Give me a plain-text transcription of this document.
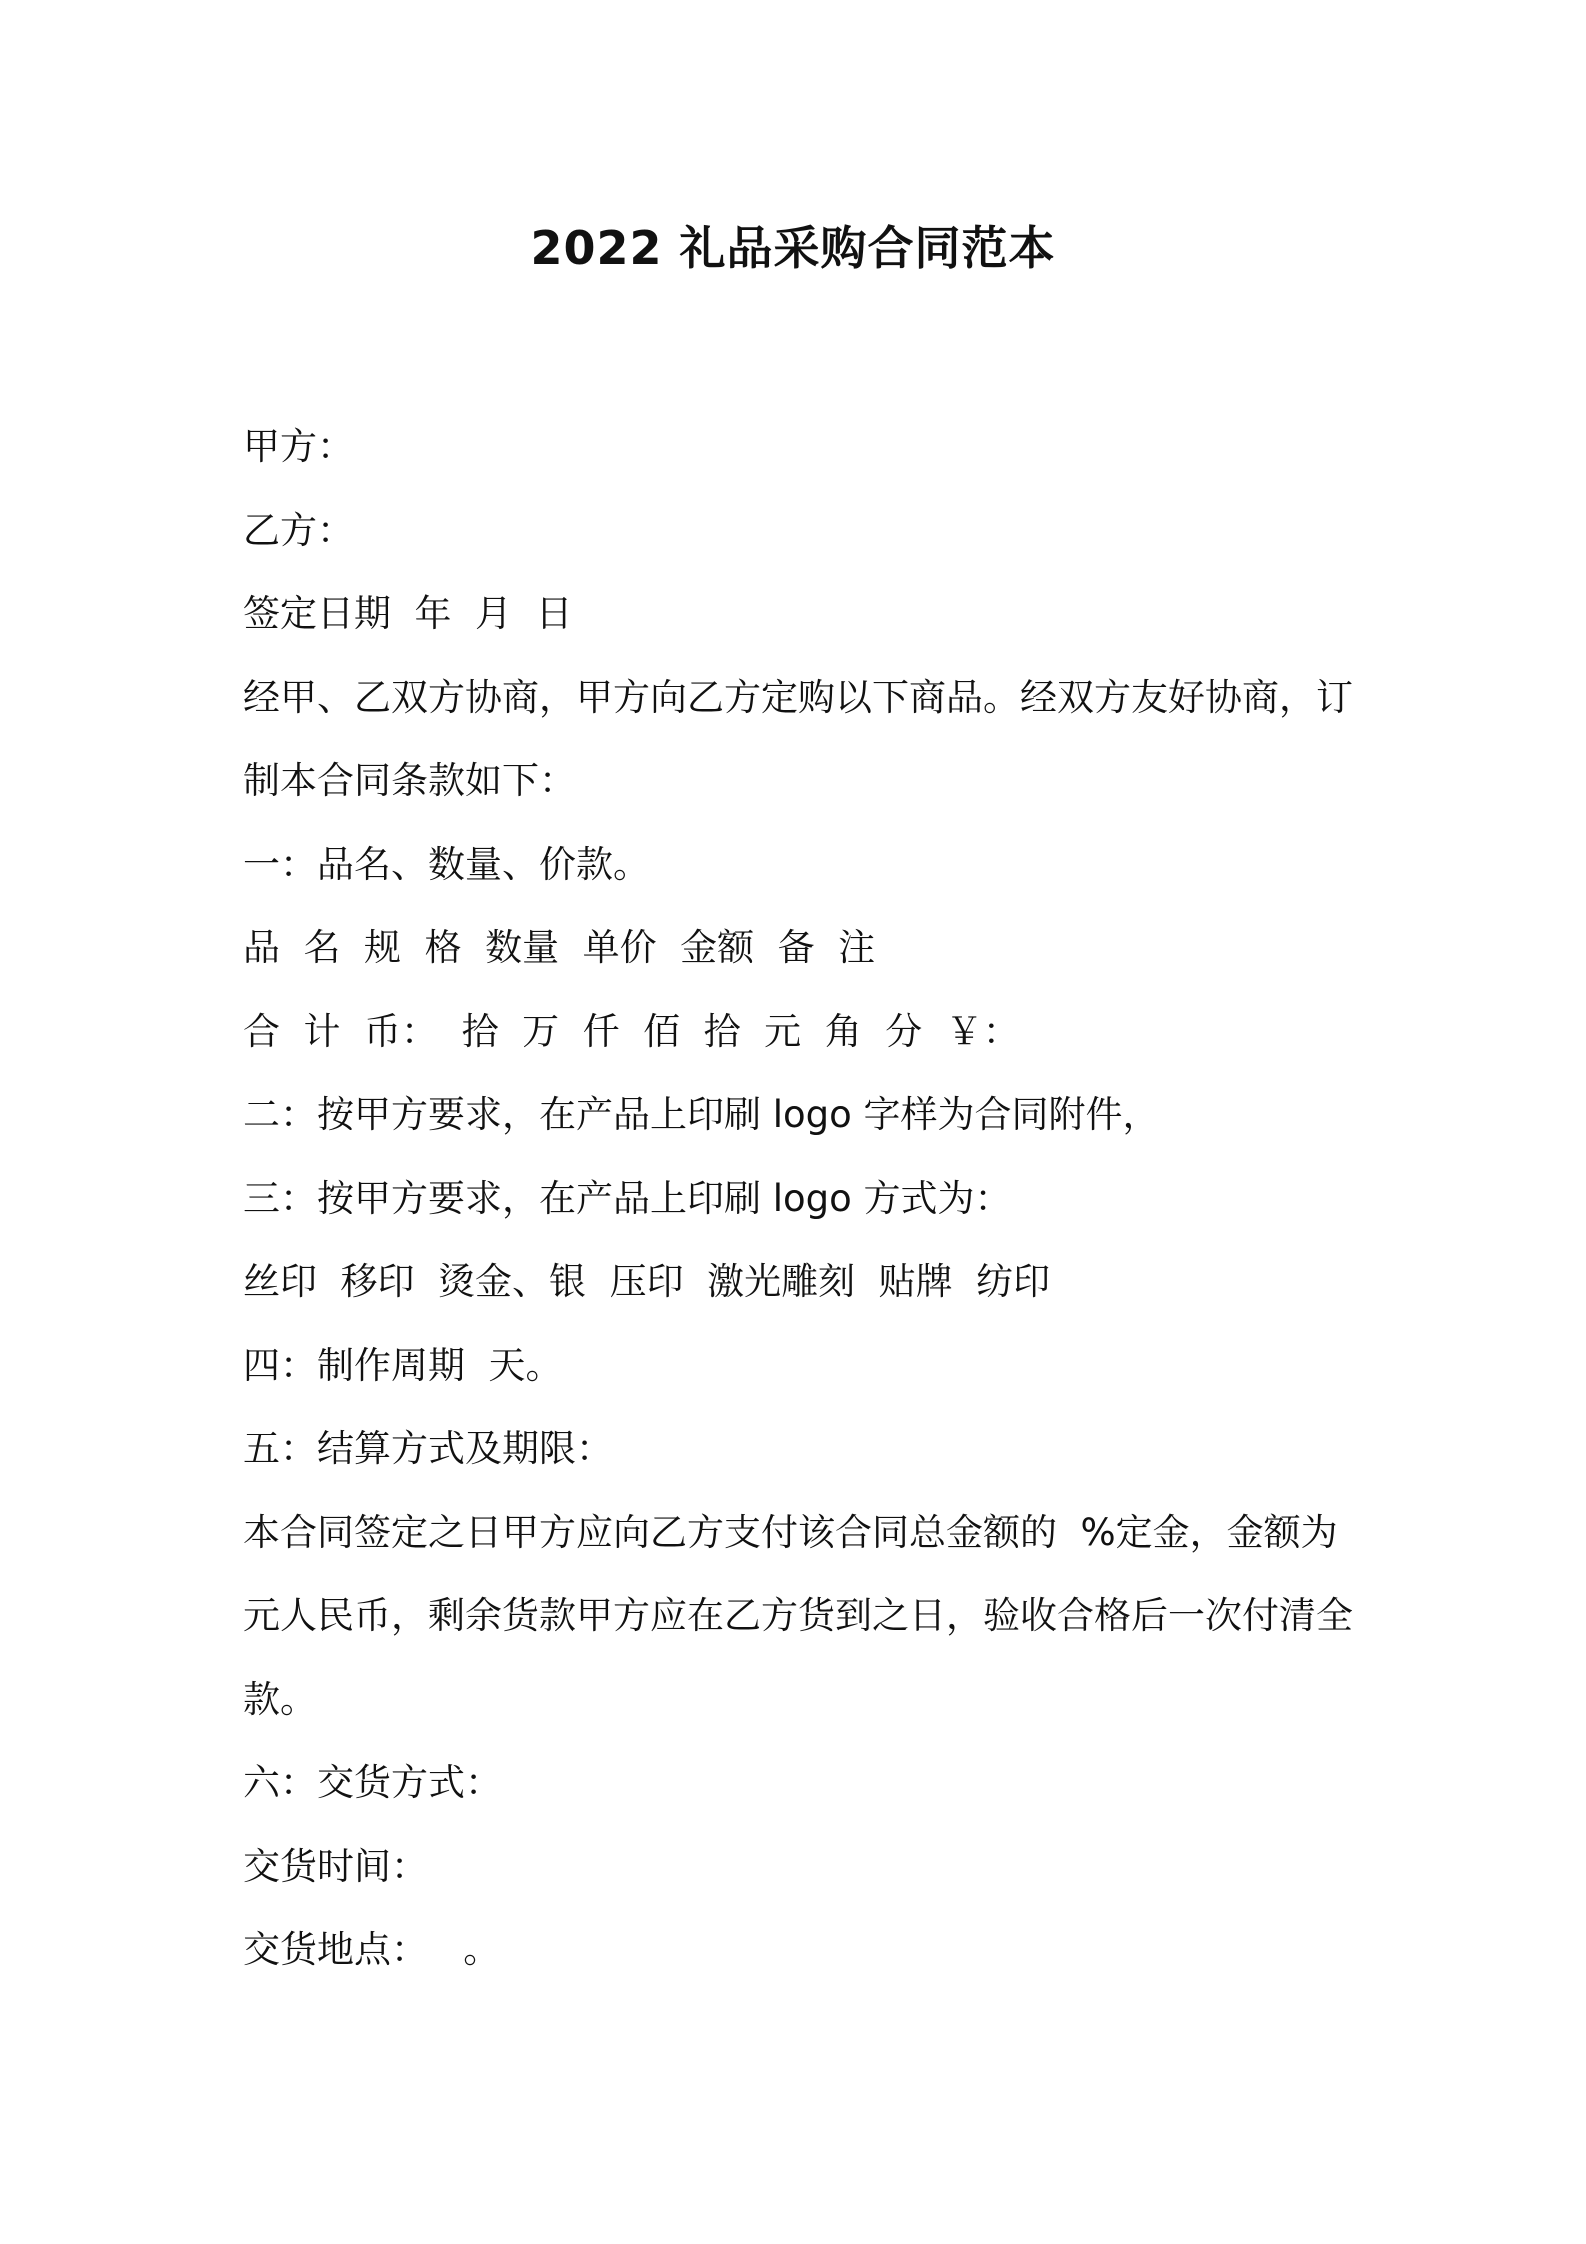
2022 礼品采购合同范本
甲方：
乙方：
签定日期  年  月  日
经甲、乙双方协商，甲方向乙方定购以下商品。经双方友好协商，订
制本合同条款如下：
一：品名、数量、价款。
品  名  规  格  数量  单价  金额  备  注
合  计  币：  拾  万  仟  佰  拾  元  角  分  ￥：
二：按甲方要求，在产品上印刷 logo 字样为合同附件，
三：按甲方要求，在产品上印刷 logo 方式为：
丝印  移印  烫金、银  压印  激光雕刻  贴牌  纺印
四：制作周期  天。
五：结算方式及期限：
本合同签定之日甲方应向乙方支付该合同总金额的  %定金，金额为
元人民币，剩余货款甲方应在乙方货到之日，验收合格后一次付清全
款。
六：交货方式：
交货时间：
交货地点：   。
